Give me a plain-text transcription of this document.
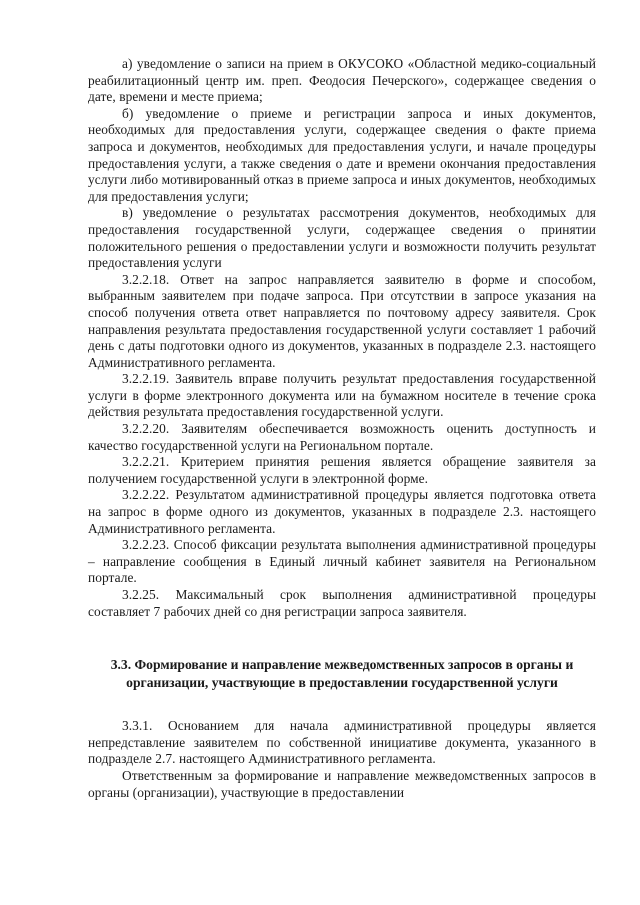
а) уведомление о записи на прием в ОКУСОКО «Областной медико-социальный реабилитационный центр им. преп. Феодосия Печерского», содержащее сведения о дате, времени и месте приема;

б) уведомление о приеме и регистрации запроса и иных документов, необходимых для предоставления услуги, содержащее сведения о факте приема запроса и документов, необходимых для предоставления услуги, и начале процедуры предоставления услуги, а также сведения о дате и времени окончания предоставления услуги либо мотивированный отказ в приеме запроса и иных документов, необходимых для предоставления услуги;

в) уведомление о результатах рассмотрения документов, необходимых для предоставления государственной услуги, содержащее сведения о принятии положительного решения о предоставлении услуги и возможности получить результат предоставления услуги

3.2.2.18. Ответ на запрос направляется заявителю в форме и способом, выбранным заявителем при подаче запроса. При отсутствии в запросе указания на способ получения ответа ответ направляется по почтовому адресу заявителя. Срок направления результата предоставления государственной услуги составляет 1 рабочий день с даты подготовки одного из документов, указанных в подразделе 2.3. настоящего Административного регламента.

3.2.2.19. Заявитель вправе получить результат предоставления государственной услуги в форме электронного документа или на бумажном носителе в течение срока действия результата предоставления государственной услуги.

3.2.2.20. Заявителям обеспечивается возможность оценить доступность и качество государственной услуги на Региональном портале.

3.2.2.21. Критерием принятия решения является обращение заявителя за получением государственной услуги в электронной форме.

3.2.2.22. Результатом административной процедуры является подготовка ответа на запрос в форме одного из документов, указанных в подразделе 2.3. настоящего Административного регламента.

3.2.2.23. Способ фиксации результата выполнения административной процедуры – направление сообщения в Единый личный кабинет заявителя на Региональном портале.

3.2.25. Максимальный срок выполнения административной процедуры составляет 7 рабочих дней со дня регистрации запроса заявителя.

3.3. Формирование и направление межведомственных запросов в органы и организации, участвующие в предоставлении государственной услуги

3.3.1. Основанием для начала административной процедуры является непредставление заявителем по собственной инициативе документа, указанного в подразделе 2.7. настоящего Административного регламента.

Ответственным за формирование и направление межведомственных запросов в органы (организации), участвующие в предоставлении
